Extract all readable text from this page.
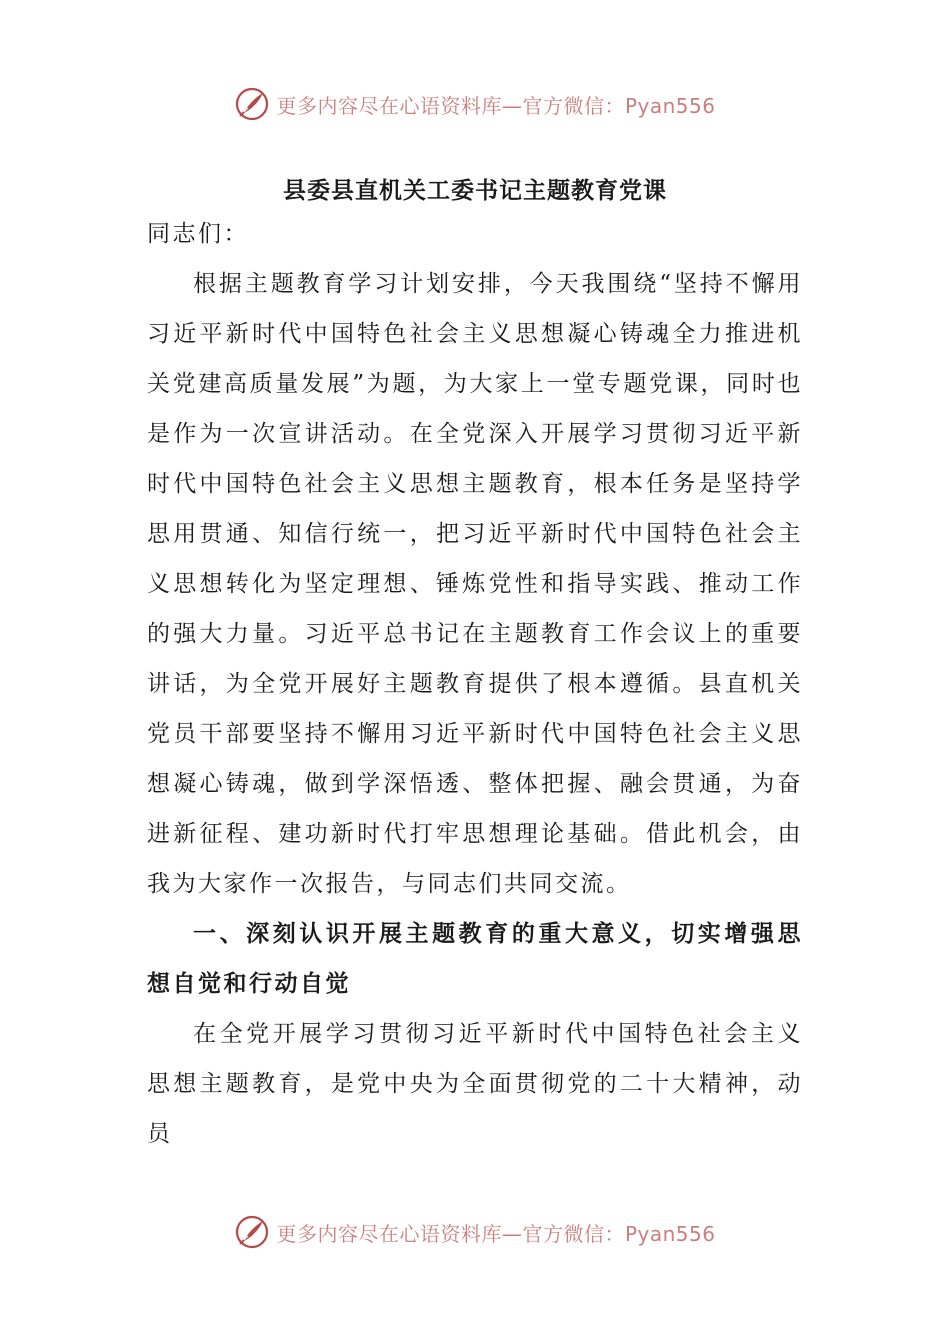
更多内容尽在心语资料库—官方微信：Pyan556
县委县直机关工委书记主题教育党课

同志们：

根据主题教育学习计划安排，今天我围绕“坚持不懈用习近平新时代中国特色社会主义思想凝心铸魂全力推进机关党建高质量发展”为题，为大家上一堂专题党课，同时也是作为一次宣讲活动。在全党深入开展学习贯彻习近平新时代中国特色社会主义思想主题教育，根本任务是坚持学思用贯通、知信行统一，把习近平新时代中国特色社会主义思想转化为坚定理想、锤炼党性和指导实践、推动工作的强大力量。习近平总书记在主题教育工作会议上的重要讲话，为全党开展好主题教育提供了根本遵循。县直机关党员干部要坚持不懈用习近平新时代中国特色社会主义思想凝心铸魂，做到学深悟透、整体把握、融会贯通，为奋进新征程、建功新时代打牢思想理论基础。借此机会，由我为大家作一次报告，与同志们共同交流。

一、深刻认识开展主题教育的重大意义，切实增强思想自觉和行动自觉

在全党开展学习贯彻习近平新时代中国特色社会主义思想主题教育，是党中央为全面贯彻党的二十大精神，动员

更多内容尽在心语资料库—官方微信：Pyan556
